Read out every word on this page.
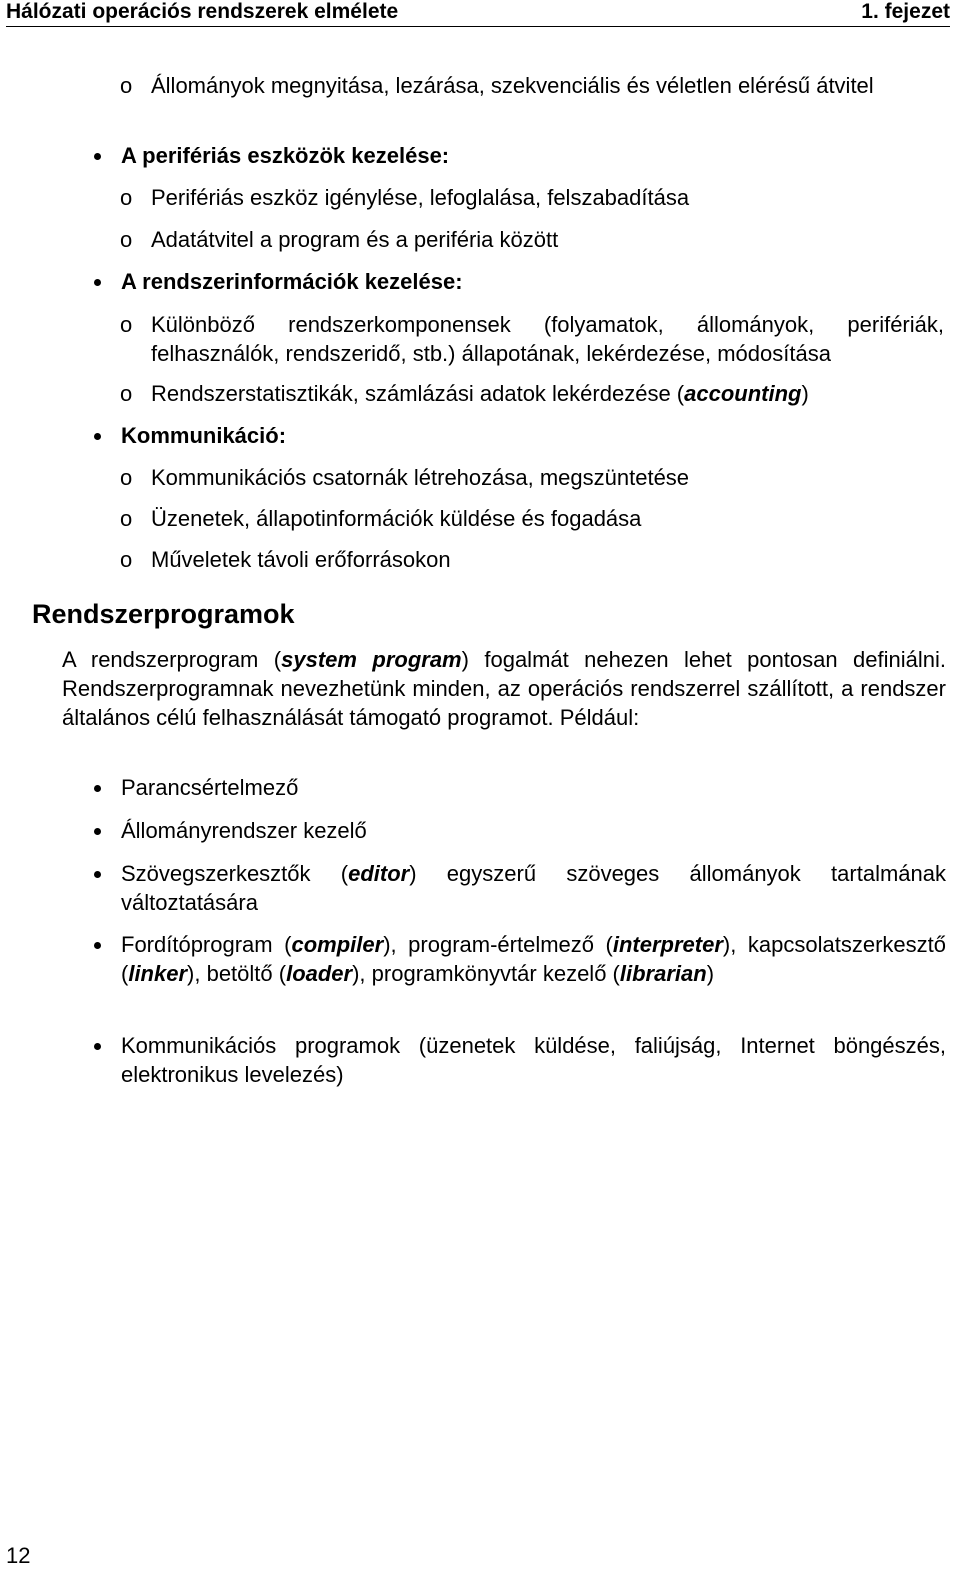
Hálózati operációs rendszerek elmélete	1. fejezet
o Állományok megnyitása, lezárása, szekvenciális és véletlen elérésű átvitel
A perifériás eszközök kezelése:
o Perifériás eszköz igénylése, lefoglalása, felszabadítása
o Adatátvitel a program és a periféria között
A rendszerinformációk kezelése:
o Különböző rendszerkomponensek (folyamatok, állományok, perifériák, felhasználók, rendszeridő, stb.) állapotának, lekérdezése, módosítása
o Rendszerstatisztikák, számlázási adatok lekérdezése (accounting)
Kommunikáció:
o Kommunikációs csatornák létrehozása, megszüntetése
o Üzenetek, állapotinformációk küldése és fogadása
o Műveletek távoli erőforrásokon
Rendszerprogramok
A rendszerprogram (system program) fogalmát nehezen lehet pontosan definiálni. Rendszerprogramnak nevezhetünk minden, az operációs rendszerrel szállított, a rendszer általános célú felhasználását támogató programot. Például:
Parancsértelmező
Állományrendszer kezelő
Szövegszerkesztők (editor) egyszerű szöveges állományok tartalmának változtatására
Fordítóprogram (compiler), program-értelmező (interpreter), kapcsolatszerkesztő (linker), betöltő (loader), programkönyvtár kezelő (librarian)
Kommunikációs programok (üzenetek küldése, faliújság, Internet böngészés, elektronikus levelezés)
12
